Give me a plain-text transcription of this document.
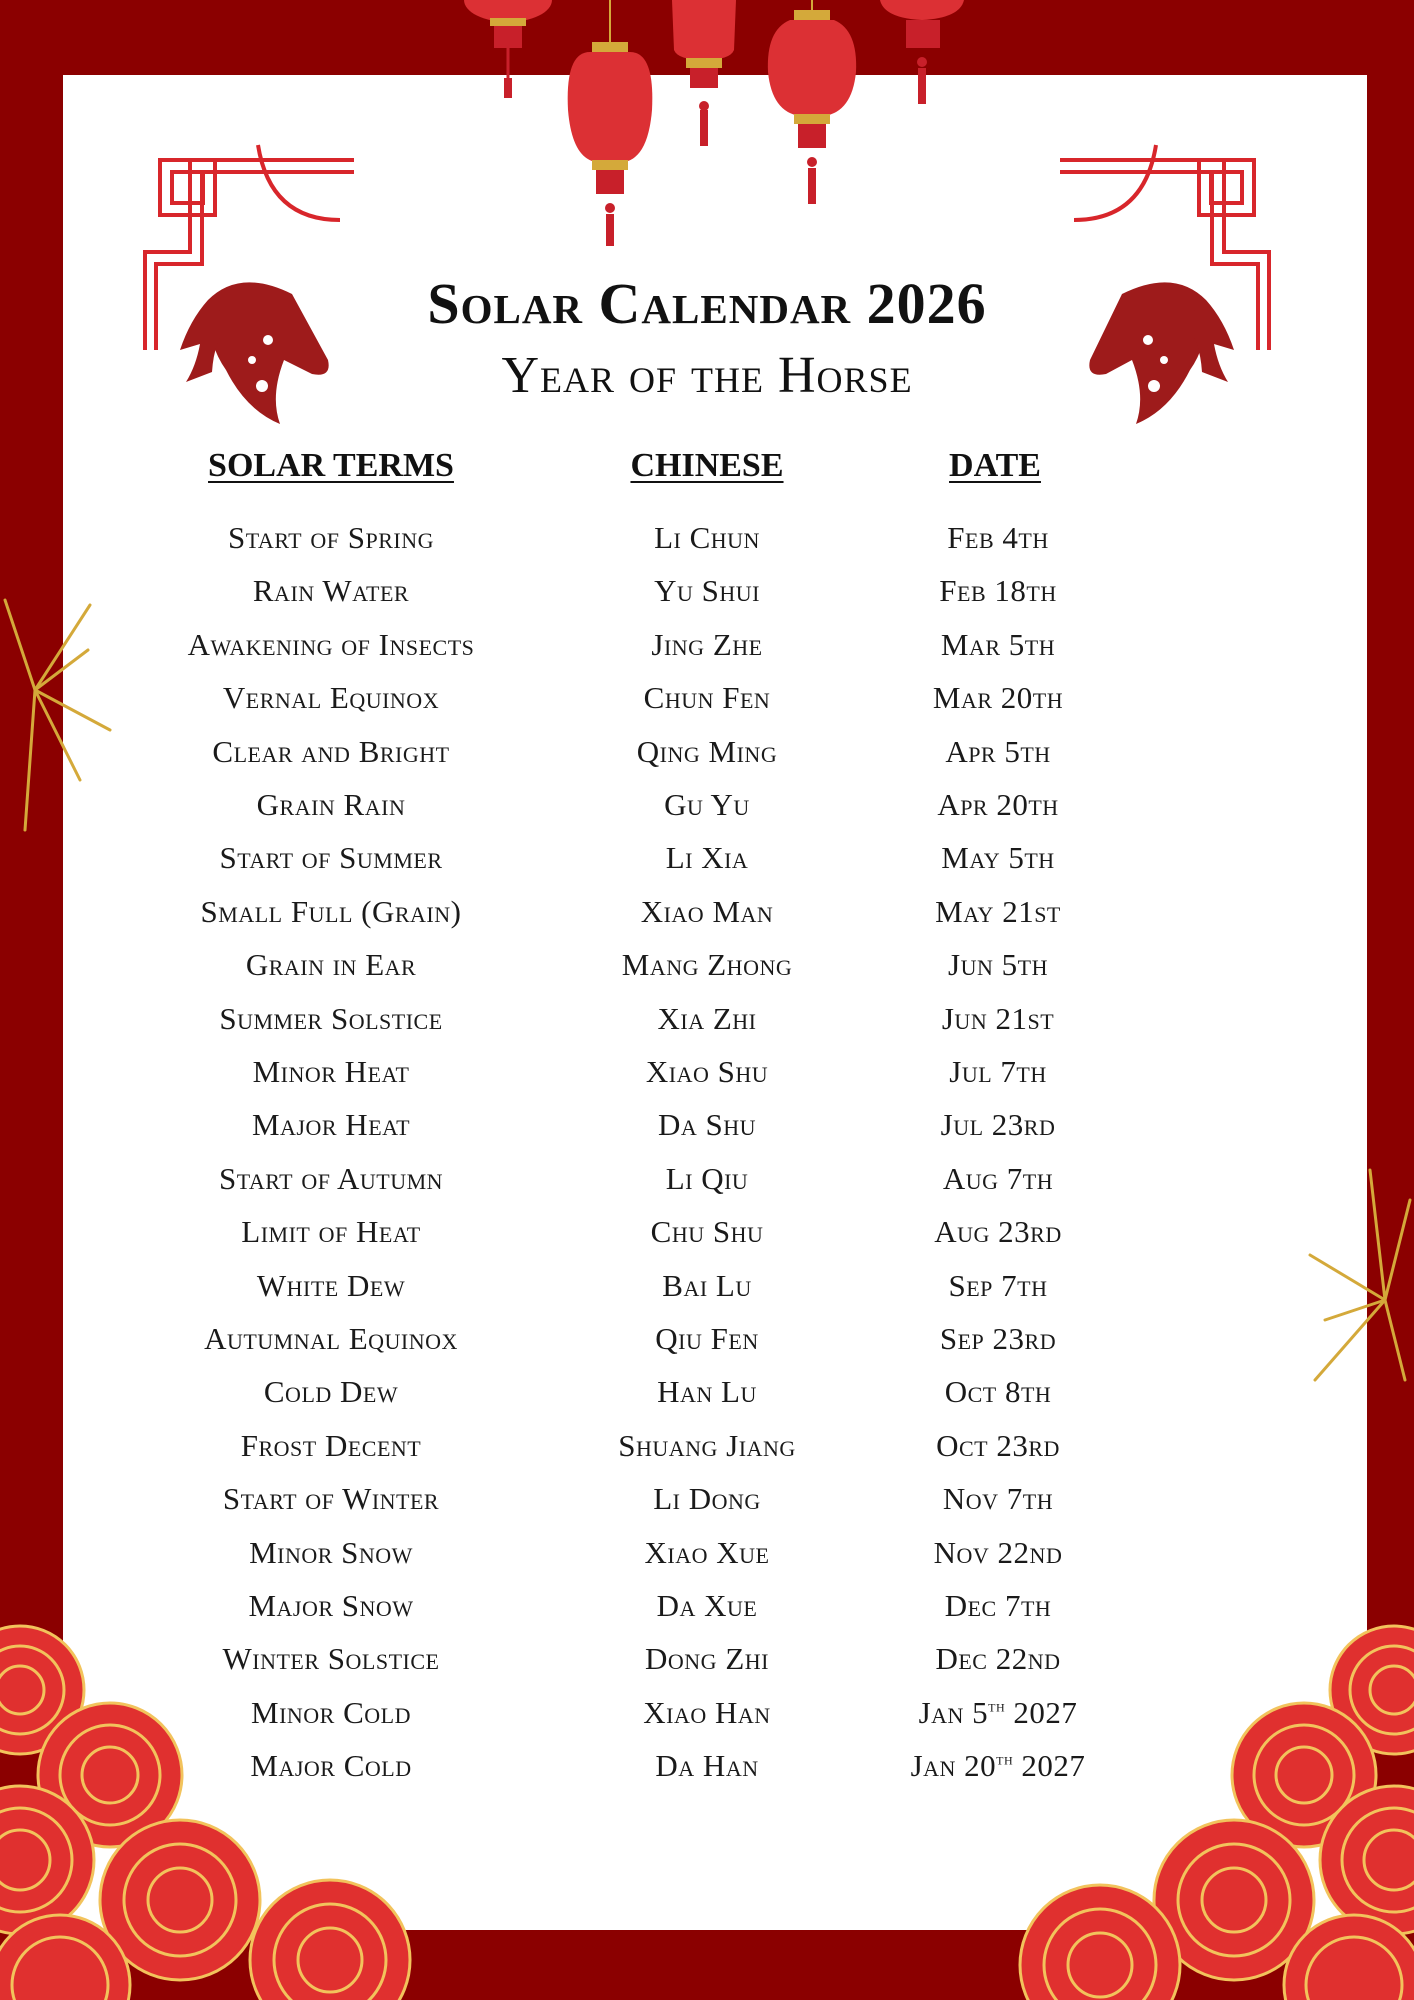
Solar Calendar 2026
Year of the Horse
SOLAR TERMS	CHINESE	DATE
Start of Spring	Li Chun	Feb 4th
Rain Water	Yu Shui	Feb 18th
Awakening of Insects	Jing Zhe	Mar 5th
Vernal Equinox	Chun Fen	Mar 20th
Clear and Bright	Qing Ming	Apr 5th
Grain Rain	Gu Yu	Apr 20th
Start of Summer	Li Xia	May 5th
Small Full (Grain)	Xiao Man	May 21st
Grain in Ear	Mang Zhong	Jun 5th
Summer Solstice	Xia Zhi	Jun 21st
Minor Heat	Xiao Shu	Jul 7th
Major Heat	Da Shu	Jul 23rd
Start of Autumn	Li Qiu	Aug 7th
Limit of Heat	Chu Shu	Aug 23rd
White Dew	Bai Lu	Sep 7th
Autumnal Equinox	Qiu Fen	Sep 23rd
Cold Dew	Han Lu	Oct 8th
Frost Decent	Shuang Jiang	Oct 23rd
Start of Winter	Li Dong	Nov 7th
Minor Snow	Xiao Xue	Nov 22nd
Major Snow	Da Xue	Dec 7th
Winter Solstice	Dong Zhi	Dec 22nd
Minor Cold	Xiao Han	Jan 5th 2027
Major Cold	Da Han	Jan 20th 2027
